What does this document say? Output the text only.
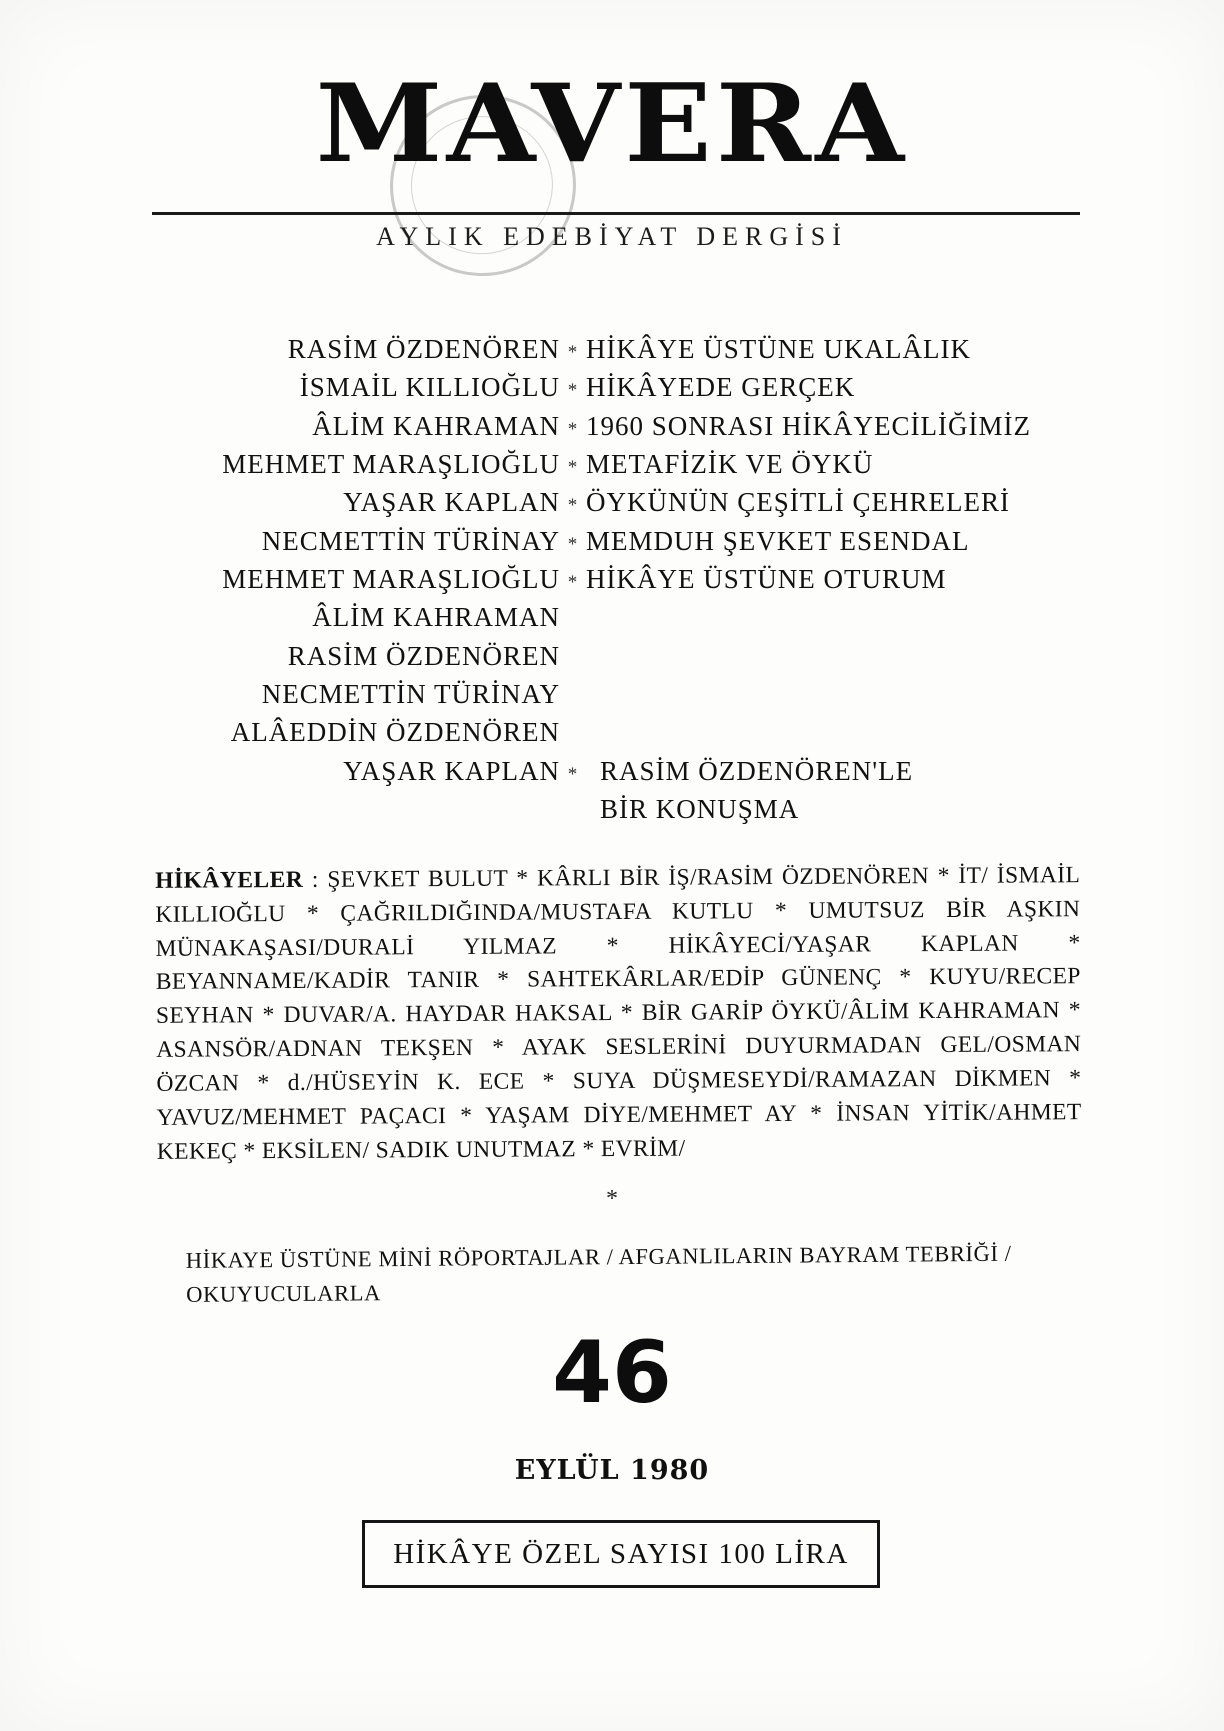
MAVERA
AYLIK EDEBİYAT DERGİSİ
RASİM ÖZDENÖREN * HİKÂYE ÜSTÜNE UKALÂLIK
İSMAİL KILLIOĞLU * HİKÂYEDE GERÇEK
ÂLİM KAHRAMAN * 1960 SONRASI HİKÂYECİLİĞİMİZ
MEHMET MARAŞLIOĞLU * METAFİZİK VE ÖYKÜ
YAŞAR KAPLAN * ÖYKÜNÜN ÇEŞİTLİ ÇEHRELERİ
NECMETTİN TÜRİNAY * MEMDUH ŞEVKET ESENDAL
MEHMET MARAŞLIOĞLU * HİKÂYE ÜSTÜNE OTURUM
ÂLİM KAHRAMAN
RASİM ÖZDENÖREN
NECMETTİN TÜRİNAY
ALÂEDDİN ÖZDENÖREN
YAŞAR KAPLAN * RASİM ÖZDENÖREN'LE
BİR KONUŞMA
HİKÂYELER : ŞEVKET BULUT * KÂRLI BİR İŞ/RASİM ÖZDENÖREN * İT/ İSMAİL KILLIOĞLU * ÇAĞRILDIĞINDA/MUSTAFA KUTLU * UMUTSUZ BİR AŞKIN MÜNAKAŞASI/DURALİ YILMAZ * HİKÂYECİ/YAŞAR KAPLAN * BEYANNAME/KADİR TANIR * SAHTEKÂRLAR/EDİP GÜNENÇ * KUYU/RECEP SEYHAN * DUVAR/A. HAYDAR HAKSAL * BİR GARİP ÖYKÜ/ÂLİM KAHRAMAN * ASANSÖR/ADNAN TEKŞEN * AYAK SESLERİNİ DUYURMADAN GEL/OSMAN ÖZCAN * d./HÜSEYİN K. ECE * SUYA DÜŞMESEYDİ/RAMAZAN DİKMEN * YAVUZ/MEHMET PAÇACI * YAŞAM DİYE/MEHMET AY * İNSAN YİTİK/AHMET KEKEÇ * EKSİLEN/ SADIK UNUTMAZ * EVRİM/
*
HİKAYE ÜSTÜNE MİNİ RÖPORTAJLAR / AFGANLILARIN BAYRAM TEBRİĞİ / OKUYUCULARLA
46
EYLÜL 1980
HİKÂYE ÖZEL SAYISI 100 LİRA
